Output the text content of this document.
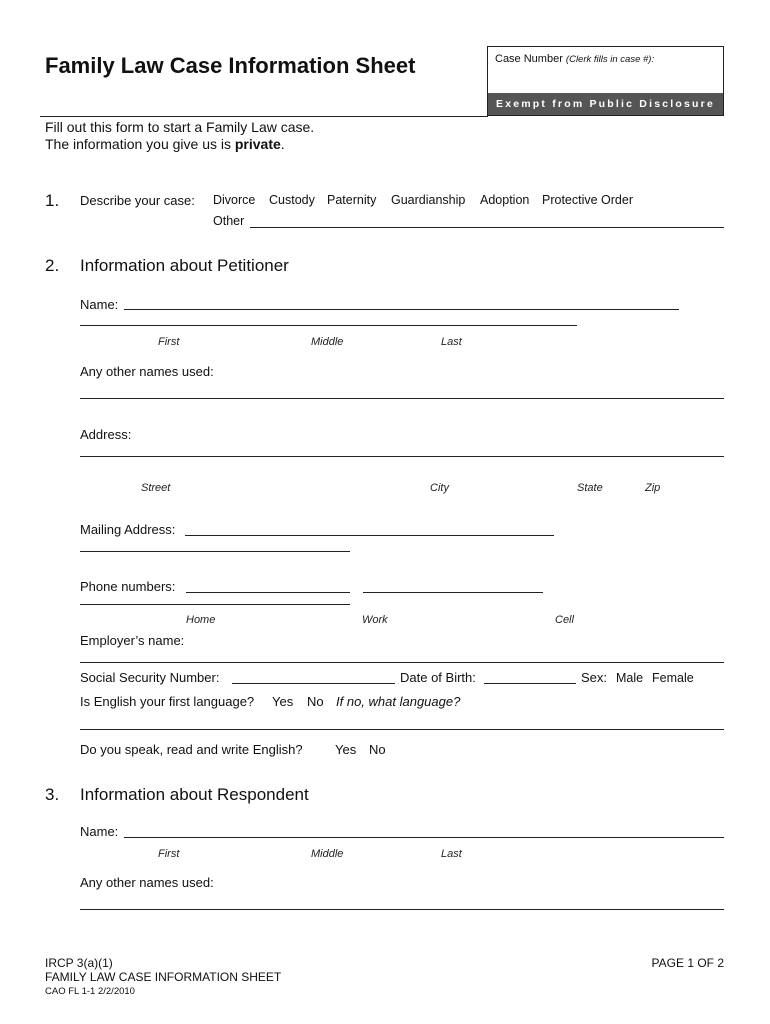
Family Law Case Information Sheet	Case Number (Clerk fills in case #):
Exempt from Public Disclosure
Fill out this form to start a Family Law case.
The information you give us is private.
1. Describe your case: Divorce Custody Paternity Guardianship Adoption Protective Order
Other
2. Information about Petitioner
Name:
First	Middle	Last
Any other names used:
Address:
Street	City	State	Zip
Mailing Address:
Phone numbers:
Home	Work	Cell
Employer’s name:
Social Security Number:	Date of Birth:	Sex: Male Female
Is English your first language? Yes No If no, what language?
Do you speak, read and write English? Yes No
3. Information about Respondent
Name:
First	Middle	Last
Any other names used:
IRCP 3(a)(1)
FAMILY LAW CASE INFORMATION SHEET
CAO FL 1-1 2/2/2010
PAGE 1 OF 2
